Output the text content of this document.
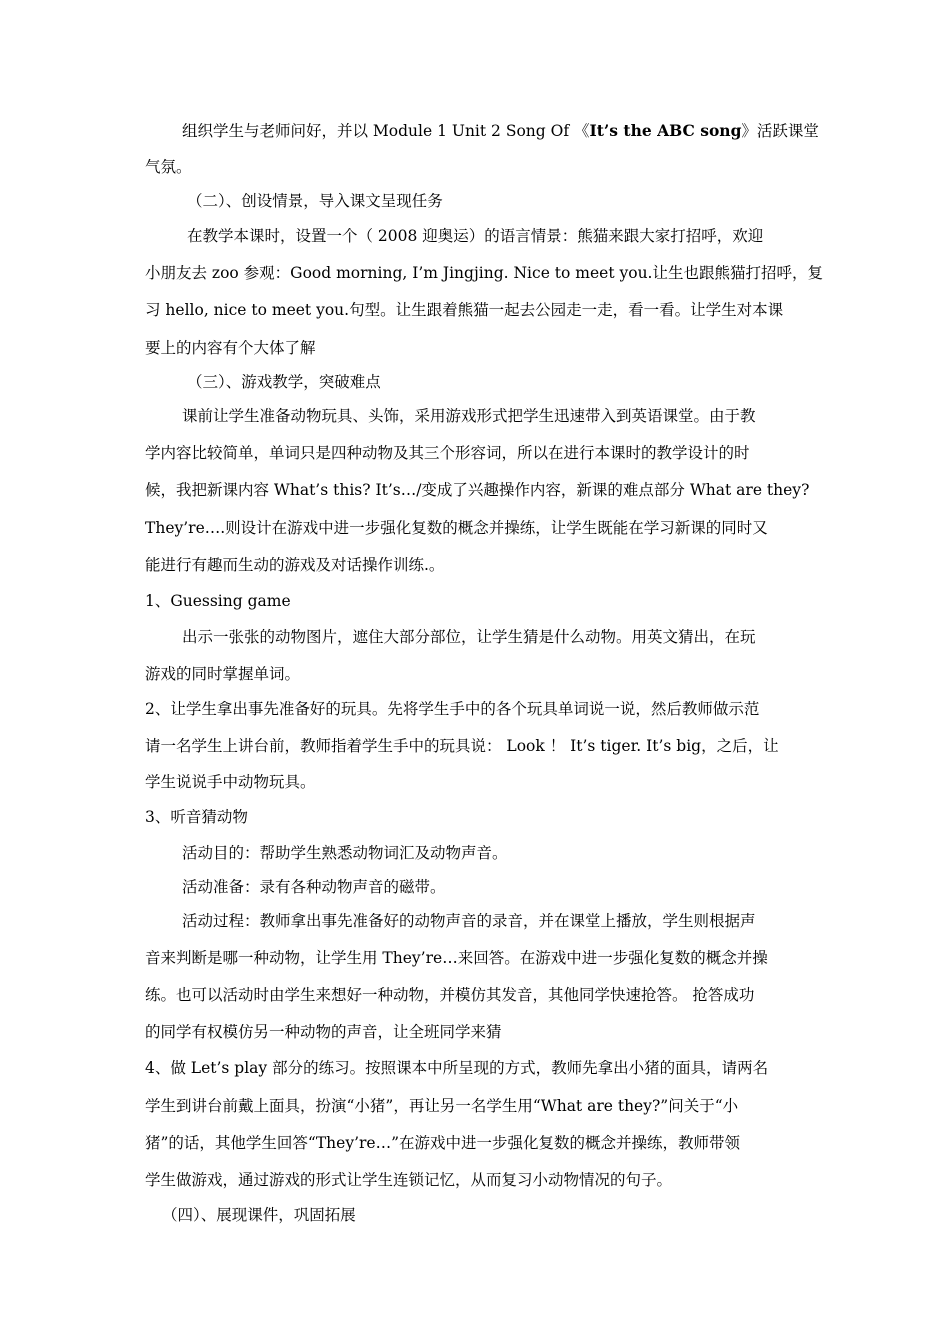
组织学生与老师问好，并以 Module 1 Unit 2 Song Of 《It’s the ABC song》活跃课堂
气氛。
（二）、创设情景，导入课文呈现任务
在教学本课时，设置一个（ 2008 迎奥运）的语言情景：熊猫来跟大家打招呼，欢迎
小朋友去 zoo 参观：Good morning, I’m Jingjing. Nice to meet you.让生也跟熊猫打招呼，复
习 hello, nice to meet you.句型。让生跟着熊猫一起去公园走一走，看一看。让学生对本课
要上的内容有个大体了解
（三）、游戏教学，突破难点
课前让学生准备动物玩具、头饰，采用游戏形式把学生迅速带入到英语课堂。由于教
学内容比较简单，单词只是四种动物及其三个形容词，所以在进行本课时的教学设计的时
候，我把新课内容 What’s this? It’s…/变成了兴趣操作内容，新课的难点部分 What are they?
They’re….则设计在游戏中进一步强化复数的概念并操练，让学生既能在学习新课的同时又
能进行有趣而生动的游戏及对话操作训练.。
1、Guessing game
出示一张张的动物图片，遮住大部分部位，让学生猜是什么动物。用英文猜出，在玩
游戏的同时掌握单词。
2、让学生拿出事先准备好的玩具。先将学生手中的各个玩具单词说一说，然后教师做示范
请一名学生上讲台前，教师指着学生手中的玩具说： Look ！ It’s tiger. It’s big，之后，让
学生说说手中动物玩具。
3、听音猜动物
活动目的：帮助学生熟悉动物词汇及动物声音。
活动准备：录有各种动物声音的磁带。
活动过程：教师拿出事先准备好的动物声音的录音，并在课堂上播放，学生则根据声
音来判断是哪一种动物，让学生用 They’re…来回答。在游戏中进一步强化复数的概念并操
练。也可以活动时由学生来想好一种动物，并模仿其发音，其他同学快速抢答。 抢答成功
的同学有权模仿另一种动物的声音，让全班同学来猜
4、做 Let’s play 部分的练习。按照课本中所呈现的方式，教师先拿出小猪的面具，请两名
学生到讲台前戴上面具，扮演“小猪”，再让另一名学生用“What are they?”问关于“小
猪”的话，其他学生回答“They’re…”在游戏中进一步强化复数的概念并操练，教师带领
学生做游戏，通过游戏的形式让学生连锁记忆，从而复习小动物情况的句子。
（四）、展现课件，巩固拓展
